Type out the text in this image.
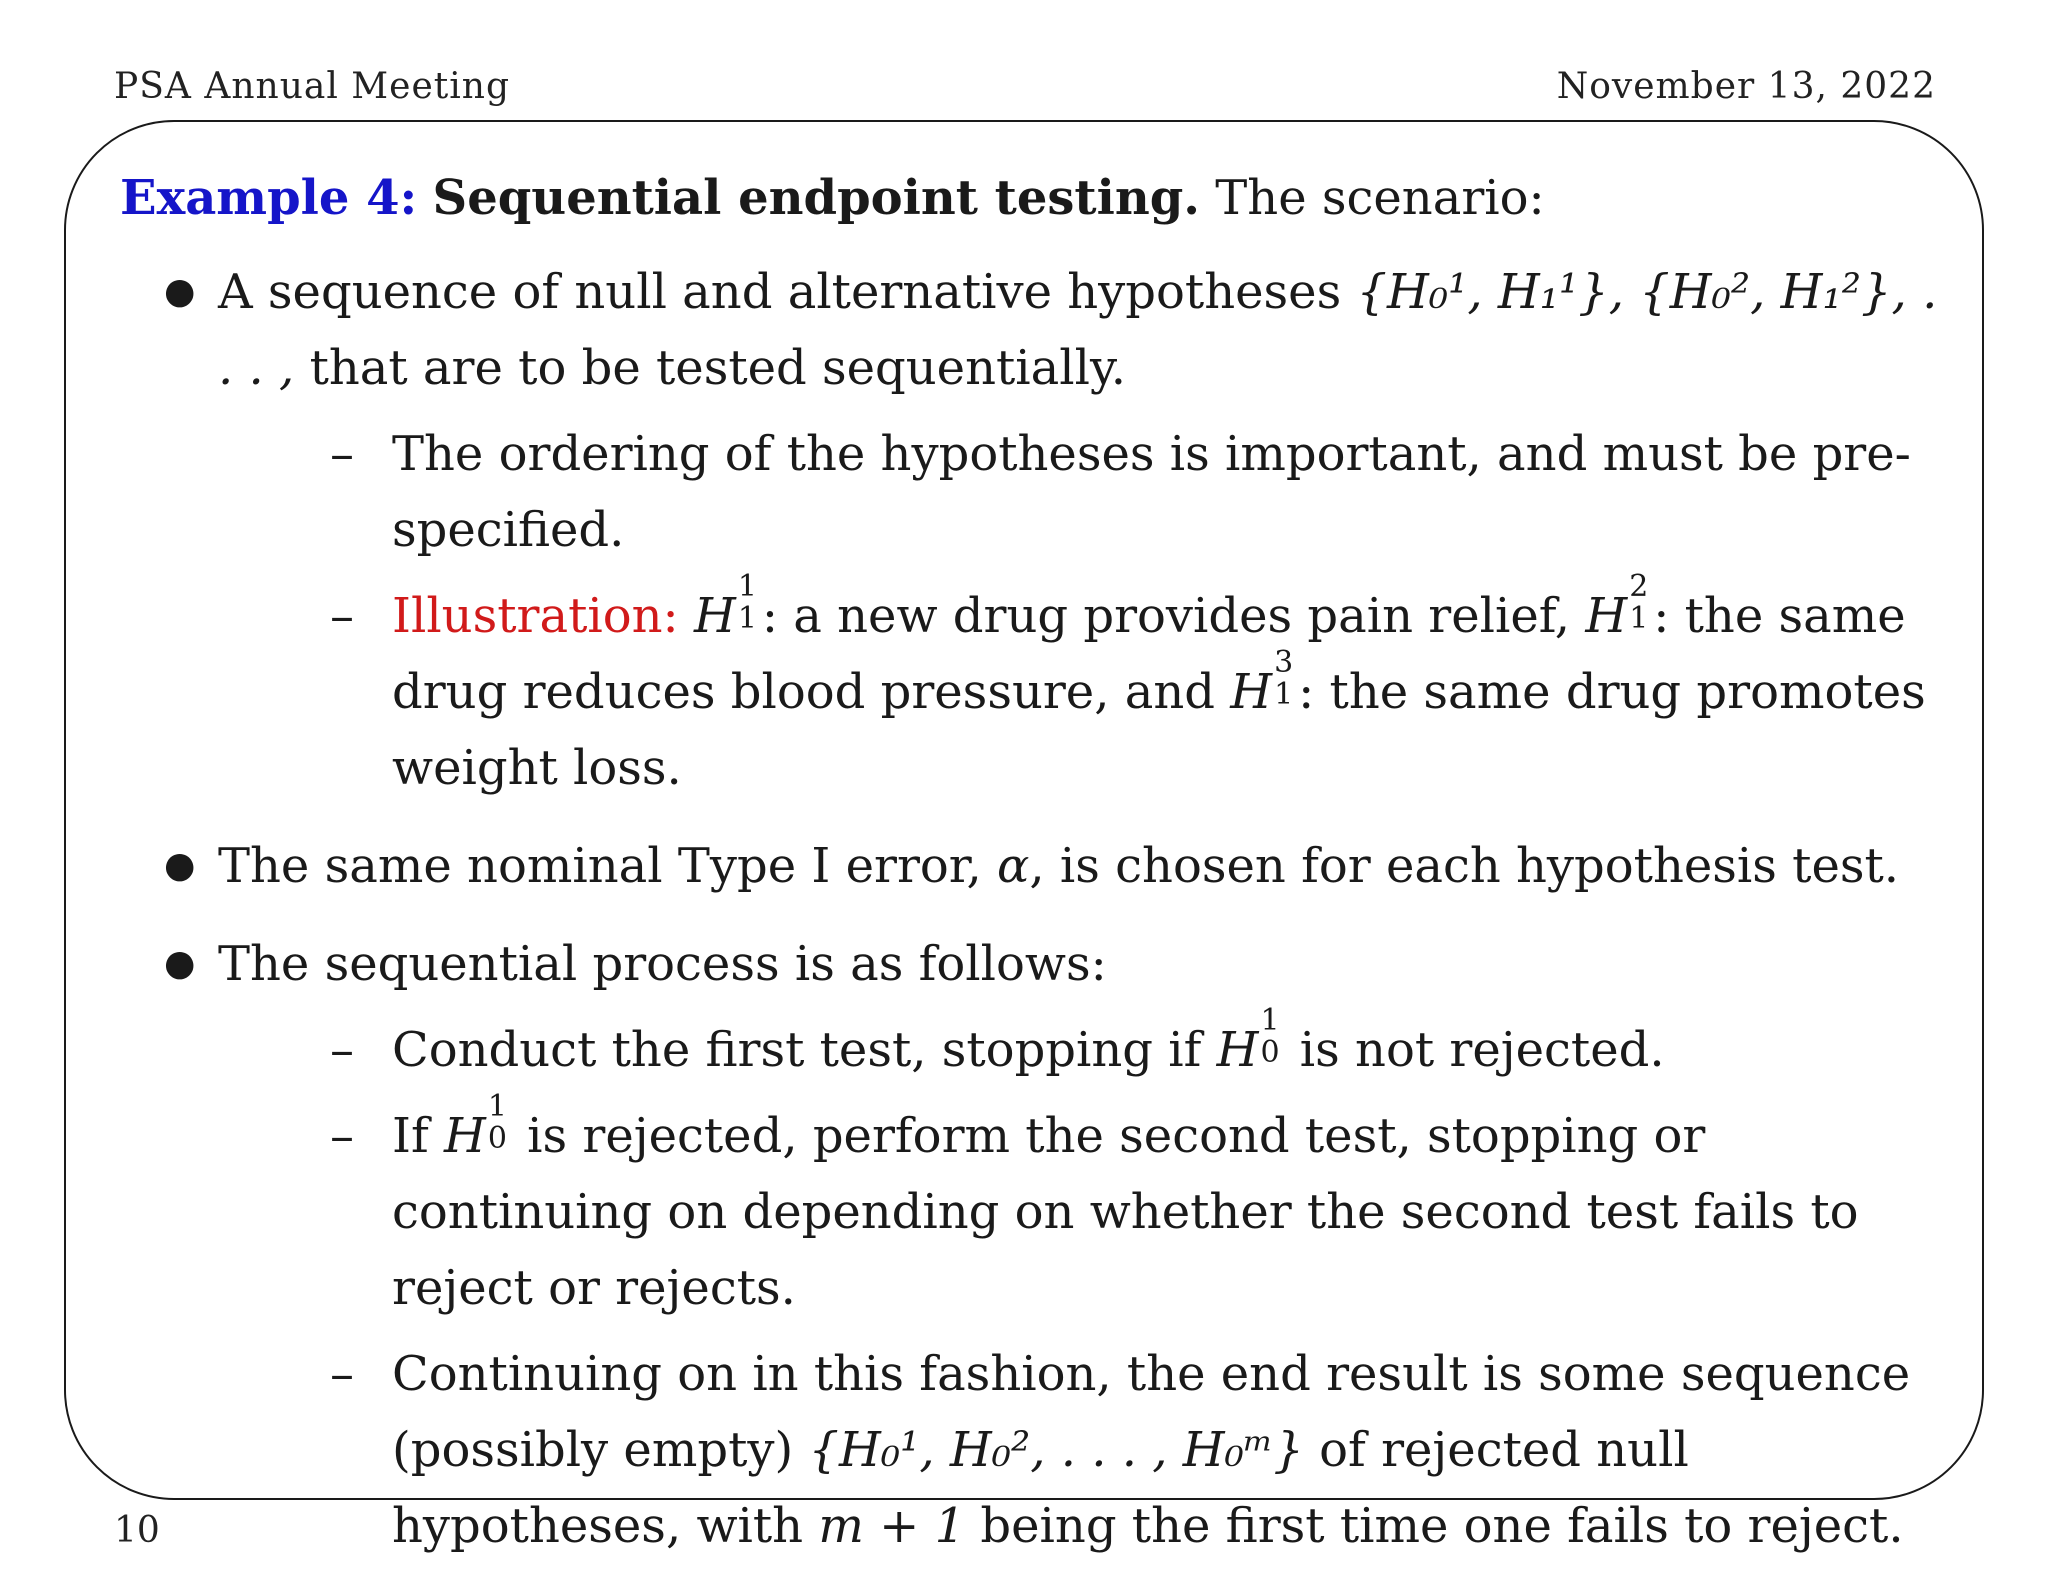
PSA Annual Meeting	November 13, 2022
Example 4: Sequential endpoint testing. The scenario:
● A sequence of null and alternative hypotheses {H₀¹, H₁¹}, {H₀², H₁²}, . . . , that are to be tested sequentially.
– The ordering of the hypotheses is important, and must be pre-specified.
– Illustration: H
1
1 : a new drug provides pain relief, H
2
1 : the same drug reduces blood pressure, and H
3
1 : the same drug promotes weight loss.
● The same nominal Type I error, α, is chosen for each hypothesis test.
● The sequential process is as follows:
– Conduct the first test, stopping if H
1
0 is not rejected.
– If H
1
0 is rejected, perform the second test, stopping or continuing on depending on whether the second test fails to reject or rejects.
– Continuing on in this fashion, the end result is some sequence (possibly empty) {H₀¹, H₀², . . . , H₀ᵐ} of rejected null hypotheses, with m + 1 being the first time one fails to reject.
10
